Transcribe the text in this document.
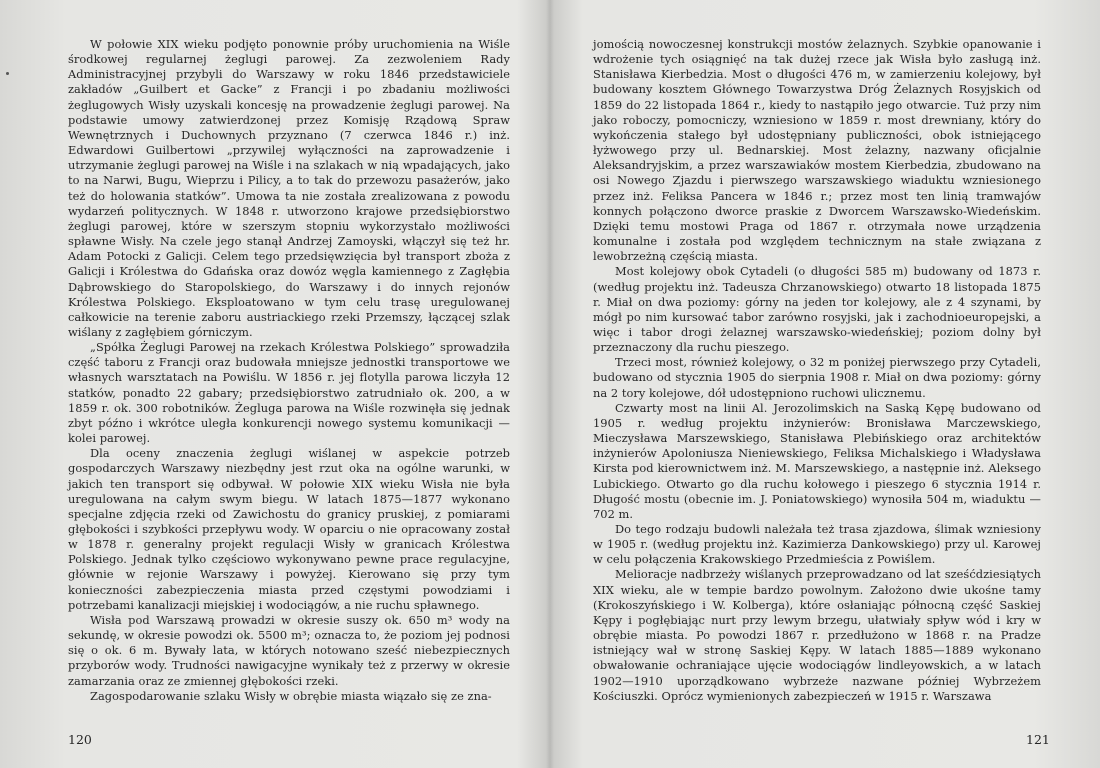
W połowie XIX wieku podjęto ponownie próby uruchomienia na Wiśle środkowej regularnej żeglugi parowej. Za zezwoleniem Rady Administracyjnej przybyli do Warszawy w roku 1846 przedstawiciele zakładów „Guilbert et Gacke” z Francji i po zbadaniu możliwości żeglugowych Wisły uzyskali koncesję na prowadzenie żeglugi parowej. Na podstawie umowy zatwierdzonej przez Komisję Rządową Spraw Wewnętrznych i Duchownych przyznano (7 czerwca 1846 r.) inż. Edwardowi Guilbertowi „przywilej wyłączności na zaprowadzenie i utrzymanie żeglugi parowej na Wiśle i na szlakach w nią wpadających, jako to na Narwi, Bugu, Wieprzu i Pilicy, a to tak do przewozu pasażerów, jako też do holowania statków”. Umowa ta nie została zrealizowana z powodu wydarzeń politycznych. W 1848 r. utworzono krajowe przedsiębiorstwo żeglugi parowej, które w szerszym stopniu wykorzystało możliwości spławne Wisły. Na czele jego stanął Andrzej Zamoyski, włączył się też hr. Adam Potocki z Galicji. Celem tego przedsięwzięcia był transport zboża z Galicji i Królestwa do Gdańska oraz dowóz węgla kamiennego z Zagłębia Dąbrowskiego do Staropolskiego, do Warszawy i do innych rejonów Królestwa Polskiego. Eksploatowano w tym celu trasę uregulowanej całkowicie na terenie zaboru austriackiego rzeki Przemszy, łączącej szlak wiślany z zagłębiem górniczym.

„Spółka Żeglugi Parowej na rzekach Królestwa Polskiego” sprowadziła część taboru z Francji oraz budowała mniejsze jednostki transportowe we własnych warsztatach na Powiślu. W 1856 r. jej flotylla parowa liczyła 12 statków, ponadto 22 gabary; przedsiębiorstwo zatrudniało ok. 200, a w 1859 r. ok. 300 robotników. Żegluga parowa na Wiśle rozwinęła się jednak zbyt późno i wkrótce uległa konkurencji nowego systemu komunikacji — kolei parowej.

Dla oceny znaczenia żeglugi wiślanej w aspekcie potrzeb gospodarczych Warszawy niezbędny jest rzut oka na ogólne warunki, w jakich ten transport się odbywał. W połowie XIX wieku Wisła nie była uregulowana na całym swym biegu. W latach 1875—1877 wykonano specjalne zdjęcia rzeki od Zawichostu do granicy pruskiej, z pomiarami głębokości i szybkości przepływu wody. W oparciu o nie opracowany został w 1878 r. generalny projekt regulacji Wisły w granicach Królestwa Polskiego. Jednak tylko częściowo wykonywano pewne prace regulacyjne, głównie w rejonie Warszawy i powyżej. Kierowano się przy tym konieczności zabezpieczenia miasta przed częstymi powodziami i potrzebami kanalizacji miejskiej i wodociągów, a nie ruchu spławnego.

Wisła pod Warszawą prowadzi w okresie suszy ok. 650 m³ wody na sekundę, w okresie powodzi ok. 5500 m³; oznacza to, że poziom jej podnosi się o ok. 6 m. Bywały lata, w których notowano sześć niebezpiecznych przyborów wody. Trudności nawigacyjne wynikały też z przerwy w okresie zamarzania oraz ze zmiennej głębokości rzeki.

Zagospodarowanie szlaku Wisły w obrębie miasta wiązało się ze zna-

120

jomością nowoczesnej konstrukcji mostów żelaznych. Szybkie opanowanie i wdrożenie tych osiągnięć na tak dużej rzece jak Wisła było zasługą inż. Stanisława Kierbedzia. Most o długości 476 m, w zamierzeniu kolejowy, był budowany kosztem Głównego Towarzystwa Dróg Żelaznych Rosyjskich od 1859 do 22 listopada 1864 r., kiedy to nastąpiło jego otwarcie. Tuż przy nim jako roboczy, pomocniczy, wzniesiono w 1859 r. most drewniany, który do wykończenia stałego był udostępniany publiczności, obok istniejącego łyżwowego przy ul. Bednarskiej. Most żelazny, nazwany oficjalnie Aleksandryjskim, a przez warszawiaków mostem Kierbedzia, zbudowano na osi Nowego Zjazdu i pierwszego warszawskiego wiaduktu wzniesionego przez inż. Feliksa Pancera w 1846 r.; przez most ten linią tramwajów konnych połączono dworce praskie z Dworcem Warszawsko-Wiedeńskim. Dzięki temu mostowi Praga od 1867 r. otrzymała nowe urządzenia komunalne i została pod względem technicznym na stałe związana z lewobrzeżną częścią miasta.

Most kolejowy obok Cytadeli (o długości 585 m) budowany od 1873 r. (według projektu inż. Tadeusza Chrzanowskiego) otwarto 18 listopada 1875 r. Miał on dwa poziomy: górny na jeden tor kolejowy, ale z 4 szynami, by mógł po nim kursować tabor zarówno rosyjski, jak i zachodnioeuropejski, a więc i tabor drogi żelaznej warszawsko-wiedeńskiej; poziom dolny był przeznaczony dla ruchu pieszego.

Trzeci most, również kolejowy, o 32 m poniżej pierwszego przy Cytadeli, budowano od stycznia 1905 do sierpnia 1908 r. Miał on dwa poziomy: górny na 2 tory kolejowe, dół udostępniono ruchowi ulicznemu.

Czwarty most na linii Al. Jerozolimskich na Saską Kępę budowano od 1905 r. według projektu inżynierów: Bronisława Marczewskiego, Mieczysława Marszewskiego, Stanisława Plebińskiego oraz architektów inżynierów Apoloniusza Nieniewskiego, Feliksa Michalskiego i Władysława Kirsta pod kierownictwem inż. M. Marszewskiego, a następnie inż. Aleksego Lubickiego. Otwarto go dla ruchu kołowego i pieszego 6 stycznia 1914 r. Długość mostu (obecnie im. J. Poniatowskiego) wynosiła 504 m, wiaduktu — 702 m.

Do tego rodzaju budowli należała też trasa zjazdowa, ślimak wzniesiony w 1905 r. (według projektu inż. Kazimierza Dankowskiego) przy ul. Karowej w celu połączenia Krakowskiego Przedmieścia z Powiślem.

Melioracje nadbrzeży wiślanych przeprowadzano od lat sześćdziesiątych XIX wieku, ale w tempie bardzo powolnym. Założono dwie ukośne tamy (Krokoszyńskiego i W. Kolberga), które osłaniając północną część Saskiej Kępy i pogłębiając nurt przy lewym brzegu, ułatwiały spływ wód i kry w obrębie miasta. Po powodzi 1867 r. przedłużono w 1868 r. na Pradze istniejący wał w stronę Saskiej Kępy. W latach 1885—1889 wykonano obwałowanie ochraniające ujęcie wodociągów lindleyowskich, a w latach 1902—1910 uporządkowano wybrzeże nazwane później Wybrzeżem Kościuszki. Oprócz wymienionych zabezpieczeń w 1915 r. Warszawa

121
